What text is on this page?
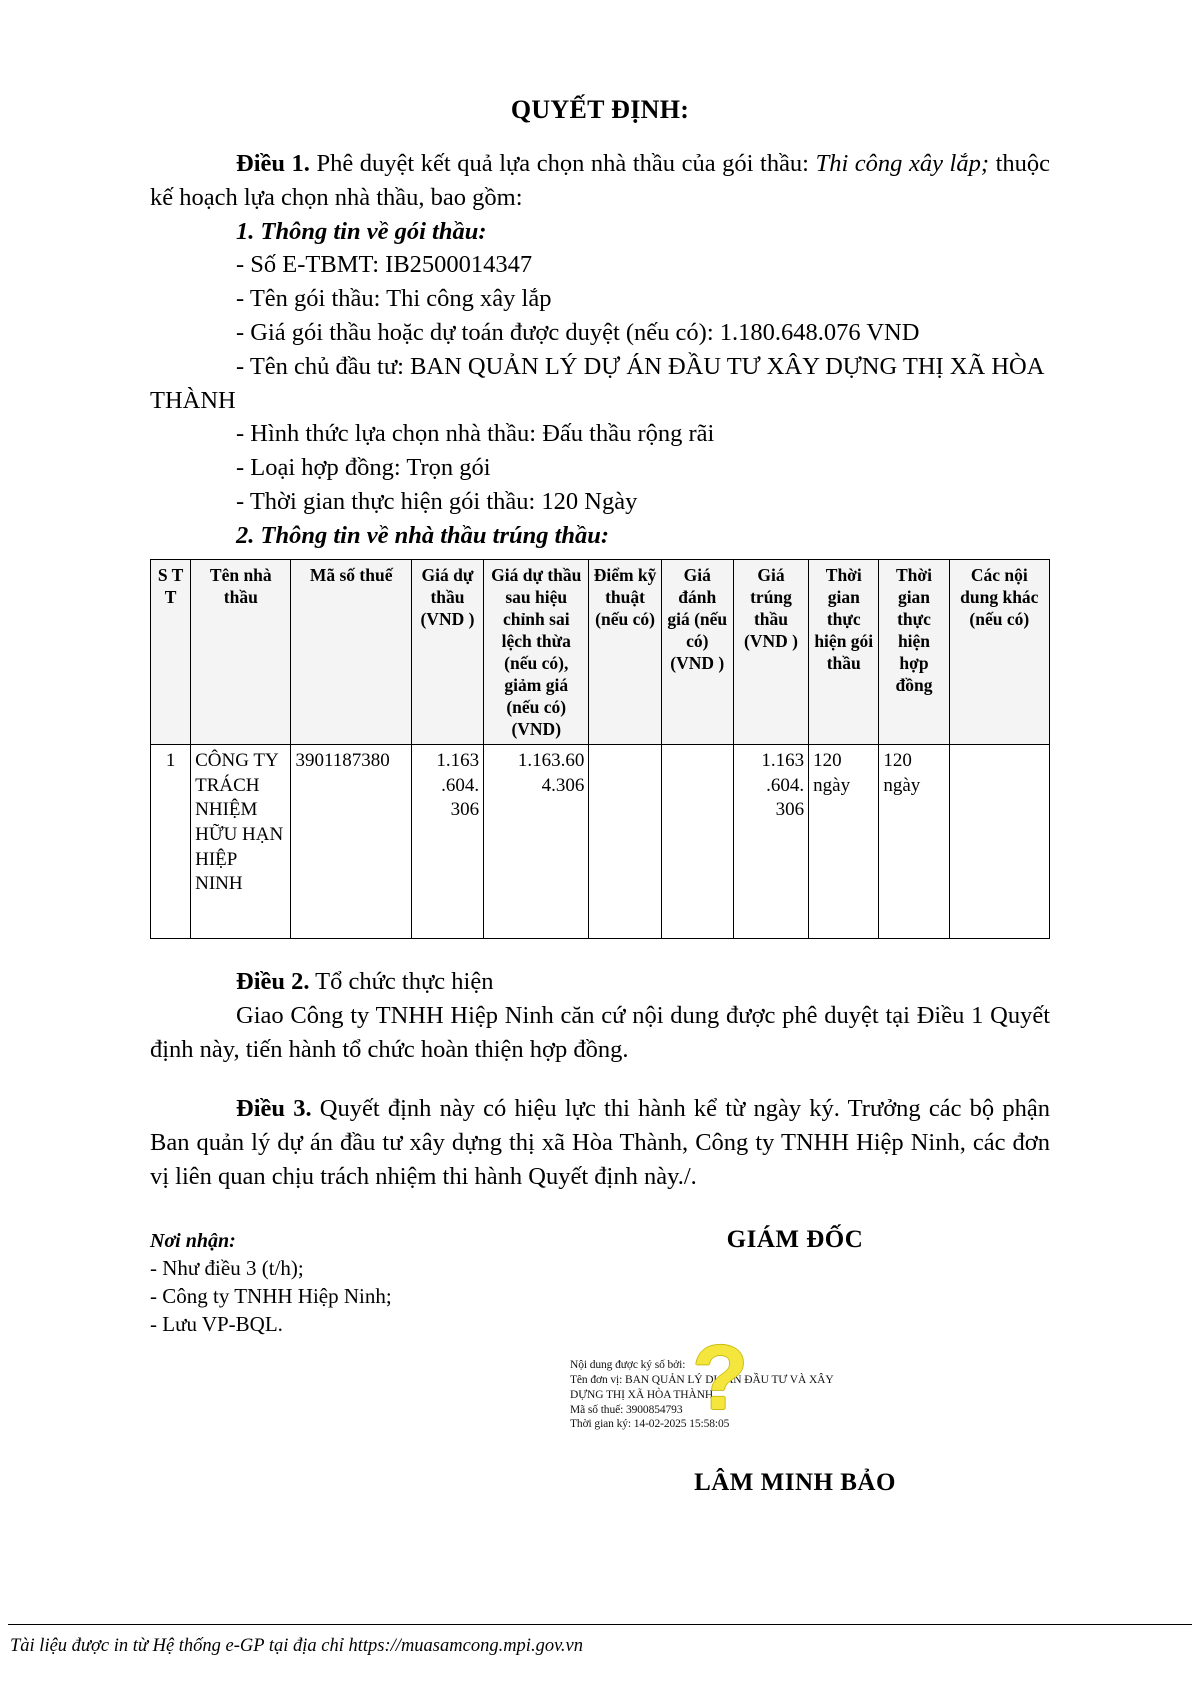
QUYẾT ĐỊNH:

Điều 1. Phê duyệt kết quả lựa chọn nhà thầu của gói thầu: Thi công xây lắp; thuộc kế hoạch lựa chọn nhà thầu, bao gồm:

1. Thông tin về gói thầu:

- Số E-TBMT: IB2500014347

- Tên gói thầu: Thi công xây lắp

- Giá gói thầu hoặc dự toán được duyệt (nếu có): 1.180.648.076 VND

- Tên chủ đầu tư: BAN QUẢN LÝ DỰ ÁN ĐẦU TƯ XÂY DỰNG THỊ XÃ HÒA THÀNH

- Hình thức lựa chọn nhà thầu: Đấu thầu rộng rãi

- Loại hợp đồng: Trọn gói

- Thời gian thực hiện gói thầu: 120 Ngày

2. Thông tin về nhà thầu trúng thầu:

S T T	Tên nhà thầu	Mã số thuế	Giá dự thầu (VND )	Giá dự thầu sau hiệu chỉnh sai lệch thừa (nếu có), giảm giá (nếu có) (VND)	Điểm kỹ thuật (nếu có)	Giá đánh giá (nếu có) (VND )	Giá trúng thầu (VND )	Thời gian thực hiện gói thầu	Thời gian thực hiện hợp đồng	Các nội dung khác (nếu có)
1	CÔNG TY TRÁCH NHIỆM HỮU HẠN HIỆP NINH	3901187380	1.163 .604. 306	1.163.60 4.306			1.163 .604. 306	120 ngày	120 ngày	

Điều 2. Tổ chức thực hiện

Giao Công ty TNHH Hiệp Ninh căn cứ nội dung được phê duyệt tại Điều 1 Quyết định này, tiến hành tổ chức hoàn thiện hợp đồng.

Điều 3. Quyết định này có hiệu lực thi hành kể từ ngày ký. Trưởng các bộ phận Ban quản lý dự án đầu tư xây dựng thị xã Hòa Thành, Công ty TNHH Hiệp Ninh, các đơn vị liên quan chịu trách nhiệm thi hành Quyết định này./.

Nơi nhận:
- Như điều 3 (t/h);
- Công ty TNHH Hiệp Ninh;
- Lưu VP-BQL.
GIÁM ĐỐC
LÂM MINH BẢO
Nội dung được ký số bởi:
Tên đơn vị: BAN QUẢN LÝ DỰ ÁN ĐẦU TƯ VÀ XÂY
DỰNG THỊ XÃ HÒA THÀNH
Mã số thuế: 3900854793
Thời gian ký: 14-02-2025 15:58:05
?
Tài liệu được in từ Hệ thống e-GP tại địa chỉ https://muasamcong.mpi.gov.vn
